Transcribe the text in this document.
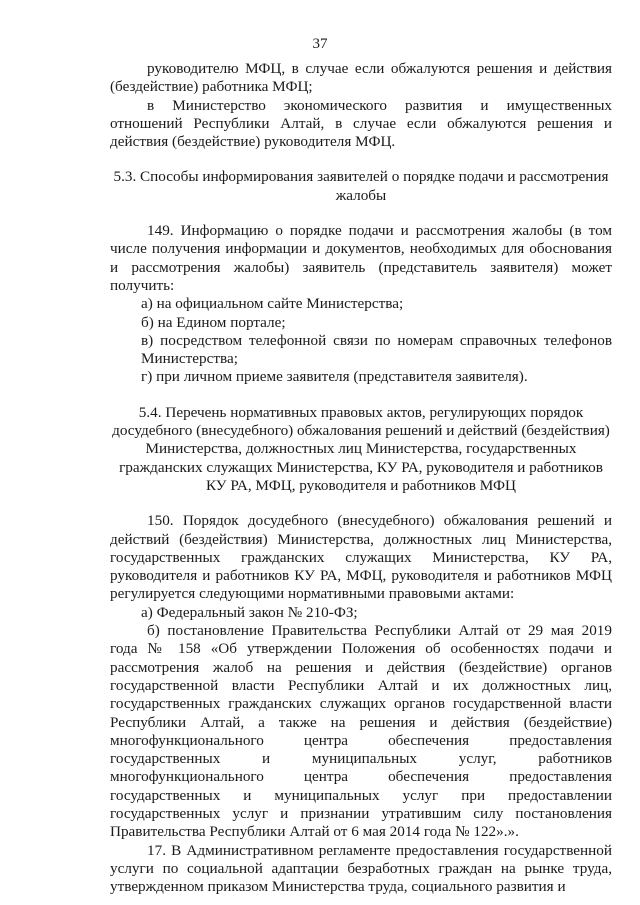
37

руководителю МФЦ, в случае если обжалуются решения и действия (бездействие) работника МФЦ;

в Министерство экономического развития и имущественных отношений Республики Алтай, в случае если обжалуются решения и действия (бездействие) руководителя МФЦ.

5.3. Способы информирования заявителей о порядке подачи и рассмотрения жалобы

149. Информацию о порядке подачи и рассмотрения жалобы (в том числе получения информации и документов, необходимых для обоснования и рассмотрения жалобы) заявитель (представитель заявителя) может получить:

а) на официальном сайте Министерства;

б) на Едином портале;

в) посредством телефонной связи по номерам справочных телефонов Министерства;

г) при личном приеме заявителя (представителя заявителя).

5.4. Перечень нормативных правовых актов, регулирующих порядок досудебного (внесудебного) обжалования решений и действий (бездействия) Министерства, должностных лиц Министерства, государственных гражданских служащих Министерства, КУ РА, руководителя и работников КУ РА, МФЦ, руководителя и работников МФЦ

150. Порядок досудебного (внесудебного) обжалования решений и действий (бездействия) Министерства, должностных лиц Министерства, государственных гражданских служащих Министерства, КУ РА, руководителя и работников КУ РА, МФЦ, руководителя и работников МФЦ регулируется следующими нормативными правовыми актами:

а) Федеральный закон № 210-ФЗ;

б) постановление Правительства Республики Алтай от 29 мая 2019 года № 158 «Об утверждении Положения об особенностях подачи и рассмотрения жалоб на решения и действия (бездействие) органов государственной власти Республики Алтай и их должностных лиц, государственных гражданских служащих органов государственной власти Республики Алтай, а также на решения и действия (бездействие) многофункционального центра обеспечения предоставления государственных и муниципальных услуг, работников многофункционального центра обеспечения предоставления государственных и муниципальных услуг при предоставлении государственных услуг и признании утратившим силу постановления Правительства Республики Алтай от 6 мая 2014 года № 122».».

17. В Административном регламенте предоставления государственной услуги по социальной адаптации безработных граждан на рынке труда, утвержденном приказом Министерства труда, социального развития и
